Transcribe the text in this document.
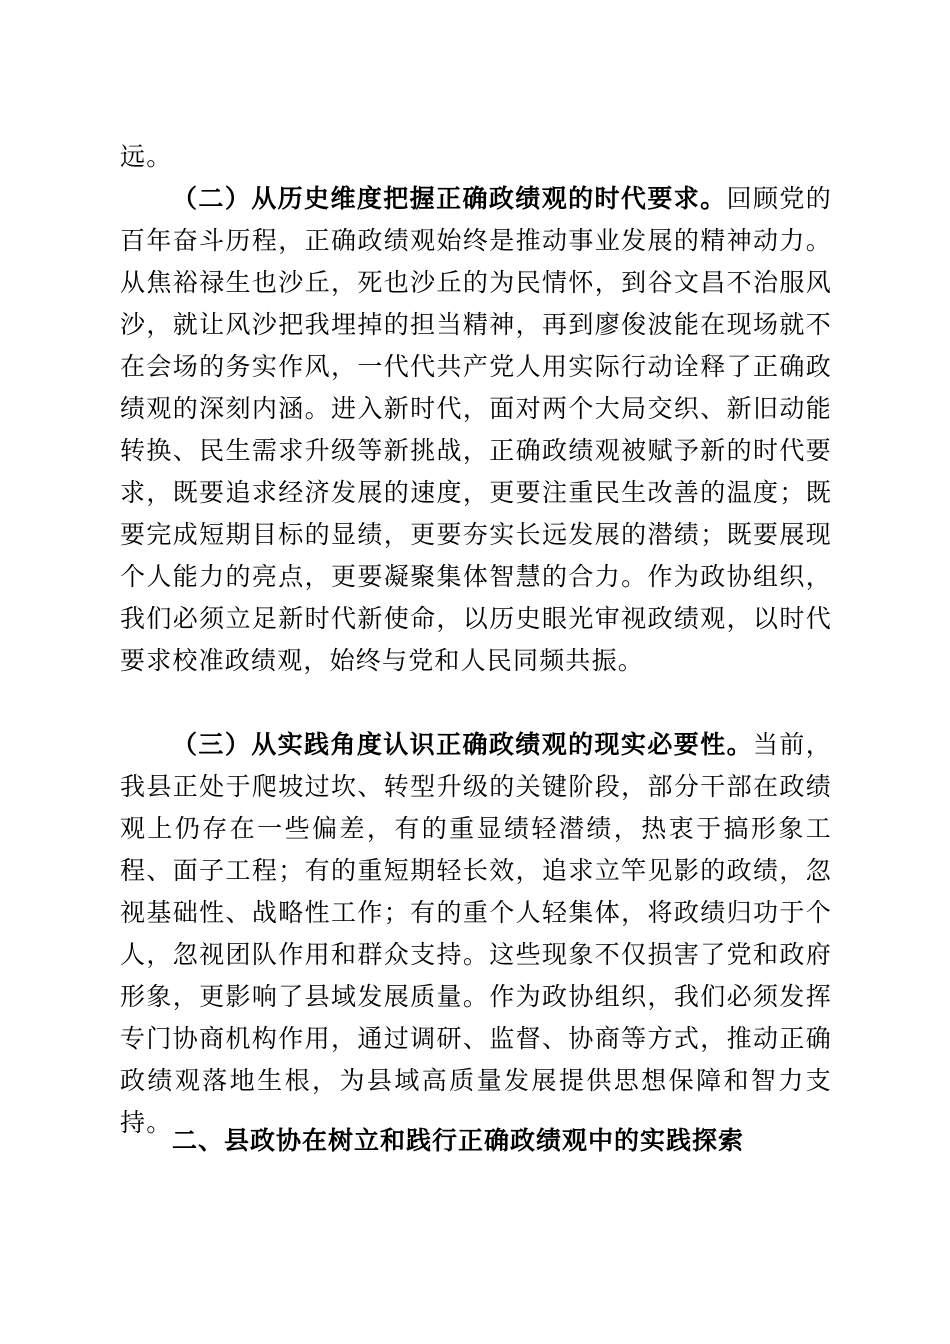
远。

（二）从历史维度把握正确政绩观的时代要求。回顾党的百年奋斗历程，正确政绩观始终是推动事业发展的精神动力。从焦裕禄生也沙丘，死也沙丘的为民情怀，到谷文昌不治服风沙，就让风沙把我埋掉的担当精神，再到廖俊波能在现场就不在会场的务实作风，一代代共产党人用实际行动诠释了正确政绩观的深刻内涵。进入新时代，面对两个大局交织、新旧动能转换、民生需求升级等新挑战，正确政绩观被赋予新的时代要求，既要追求经济发展的速度，更要注重民生改善的温度；既要完成短期目标的显绩，更要夯实长远发展的潜绩；既要展现个人能力的亮点，更要凝聚集体智慧的合力。作为政协组织，我们必须立足新时代新使命，以历史眼光审视政绩观，以时代要求校准政绩观，始终与党和人民同频共振。

（三）从实践角度认识正确政绩观的现实必要性。当前，我县正处于爬坡过坎、转型升级的关键阶段，部分干部在政绩观上仍存在一些偏差，有的重显绩轻潜绩，热衷于搞形象工程、面子工程；有的重短期轻长效，追求立竿见影的政绩，忽视基础性、战略性工作；有的重个人轻集体，将政绩归功于个人，忽视团队作用和群众支持。这些现象不仅损害了党和政府形象，更影响了县域发展质量。作为政协组织，我们必须发挥专门协商机构作用，通过调研、监督、协商等方式，推动正确政绩观落地生根，为县域高质量发展提供思想保障和智力支持。

二、县政协在树立和践行正确政绩观中的实践探索
